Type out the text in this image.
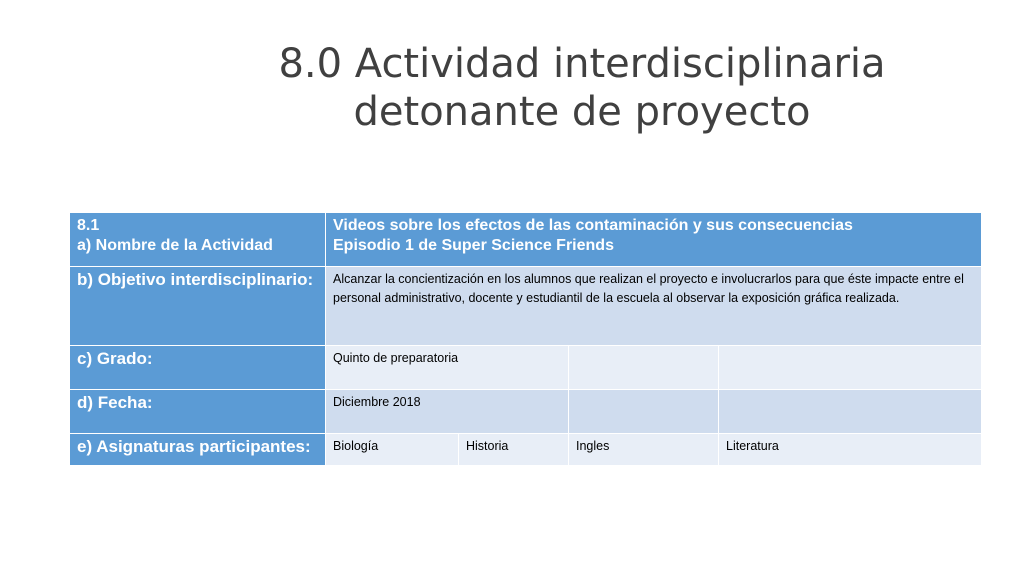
8.0 Actividad interdisciplinaria
detonante de proyecto
8.1
a) Nombre de la Actividad	Videos sobre los efectos de las contaminación y sus consecuencias
Episodio 1 de Super Science Friends			

b) Objetivo interdisciplinario:	Alcanzar la concientización en los alumnos que realizan el proyecto e involucrarlos para que éste impacte entre el personal administrativo, docente y estudiantil de la escuela al observar la exposición gráfica realizada.			
c) Grado:	Quinto de preparatoria			
d) Fecha:	Diciembre 2018			
e) Asignaturas participantes:	Biología	Historia	Ingles	Literatura
